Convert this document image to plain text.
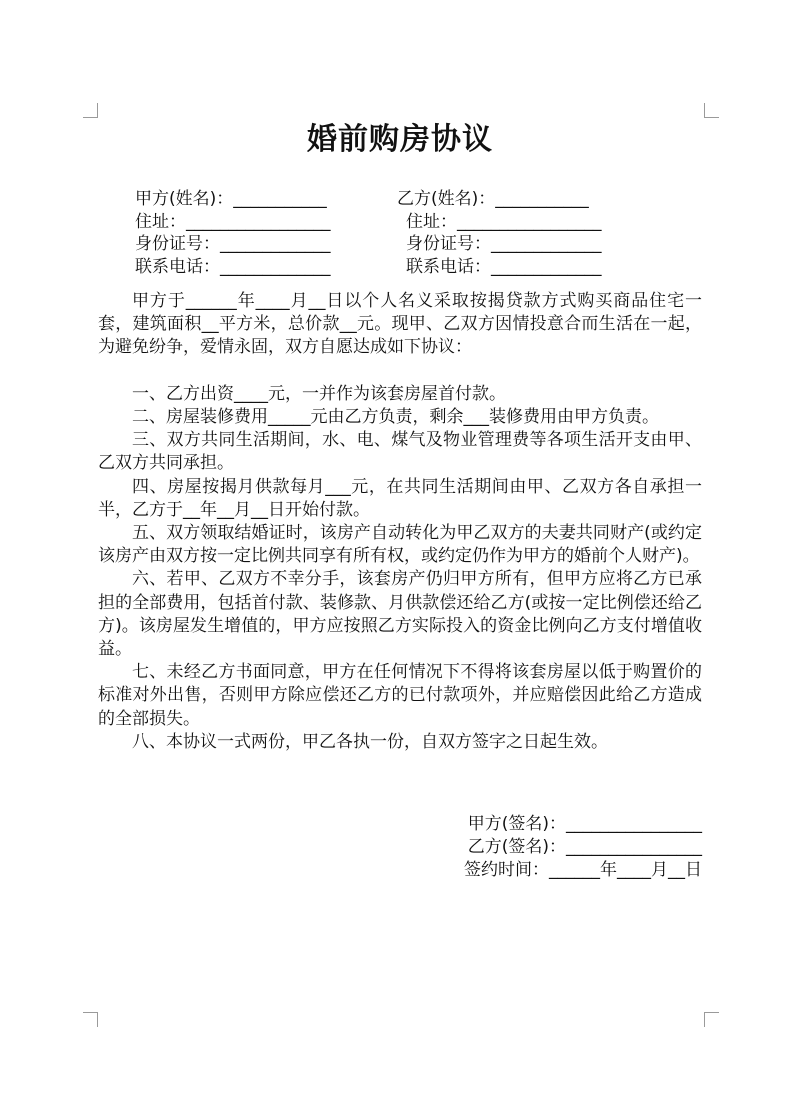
婚前购房协议
甲方(姓名)：___________	乙方(姓名)：___________
住址：_________________	住址：_________________
身份证号：_____________	身份证号：_____________
联系电话：_____________	联系电话：_____________

甲方于______年____月__日以个人名义采取按揭贷款方式购买商品住宅一套，建筑面积__平方米，总价款__元。现甲、乙双方因情投意合而生活在一起，为避免纷争，爱情永固，双方自愿达成如下协议：

一、乙方出资____元，一并作为该套房屋首付款。

二、房屋装修费用_____元由乙方负责，剩余___装修费用由甲方负责。

三、双方共同生活期间，水、电、煤气及物业管理费等各项生活开支由甲、乙双方共同承担。

四、房屋按揭月供款每月___元，在共同生活期间由甲、乙双方各自承担一半，乙方于__年__月__日开始付款。

五、双方领取结婚证时，该房产自动转化为甲乙双方的夫妻共同财产(或约定该房产由双方按一定比例共同享有所有权，或约定仍作为甲方的婚前个人财产)。

六、若甲、乙双方不幸分手，该套房产仍归甲方所有，但甲方应将乙方已承担的全部费用，包括首付款、装修款、月供款偿还给乙方(或按一定比例偿还给乙方)。该房屋发生增值的，甲方应按照乙方实际投入的资金比例向乙方支付增值收益。

七、未经乙方书面同意，甲方在任何情况下不得将该套房屋以低于购置价的标准对外出售，否则甲方除应偿还乙方的已付款项外，并应赔偿因此给乙方造成的全部损失。

八、本协议一式两份，甲乙各执一份，自双方签字之日起生效。

甲方(签名)：________________
乙方(签名)：________________
签约时间：______年____月__日
